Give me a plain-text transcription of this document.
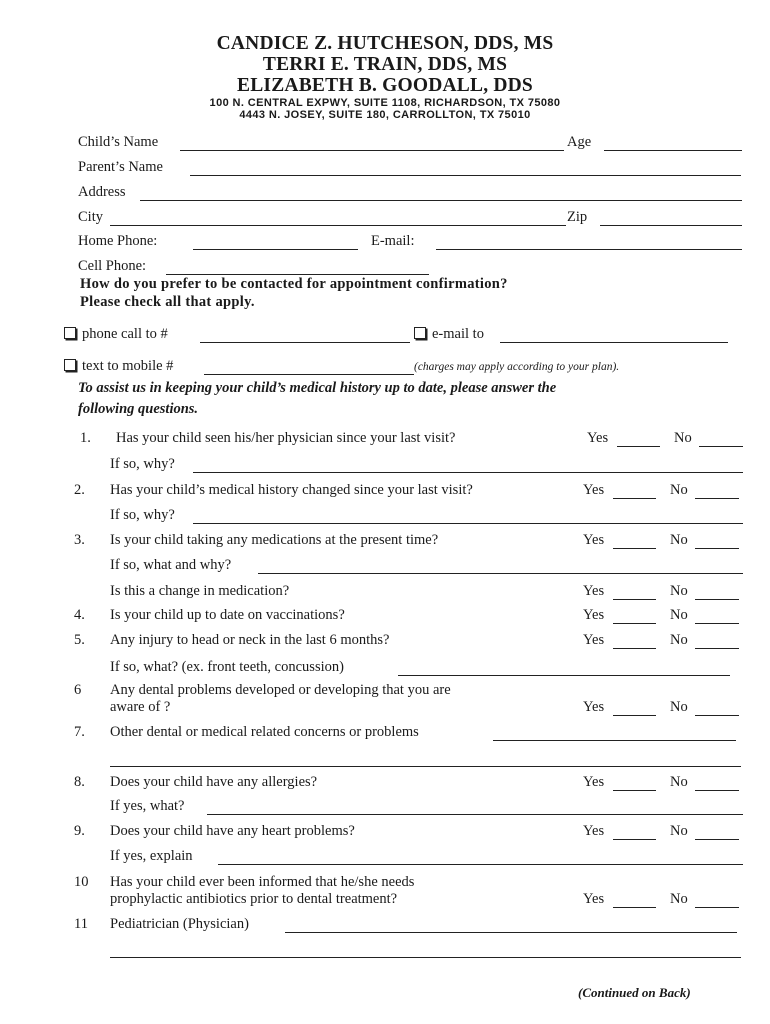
CANDICE Z. HUTCHESON, DDS, MS
TERRI E. TRAIN, DDS, MS
ELIZABETH B. GOODALL, DDS
100 N. CENTRAL EXPWY, SUITE 1108, RICHARDSON, TX 75080
4443 N. JOSEY, SUITE 180, CARROLLTON, TX 75010
Child’s Name	Age
Parent’s Name
Address
City	Zip
Home Phone:	E-mail:
Cell Phone:
How do you prefer to be contacted for appointment confirmation?
Please check all that apply.
phone call to #	e-mail to
text to mobile #	(charges may apply according to your plan).
To assist us in keeping your child’s medical history up to date, please answer the
following questions.
1. Has your child seen his/her physician since your last visit?	Yes	No
If so, why?
2. Has your child’s medical history changed since your last visit?	Yes	No
If so, why?
3. Is your child taking any medications at the present time?	Yes	No
If so, what and why?
Is this a change in medication?	Yes	No
4. Is your child up to date on vaccinations?	Yes	No
5. Any injury to head or neck in the last 6 months?	Yes	No
If so, what? (ex. front teeth, concussion)
6 Any dental problems developed or developing that you are
aware of ?	Yes	No
7. Other dental or medical related concerns or problems
8. Does your child have any allergies?	Yes	No
If yes, what?
9. Does your child have any heart problems?	Yes	No
If yes, explain
10 Has your child ever been informed that he/she needs
prophylactic antibiotics prior to dental treatment?	Yes	No
11 Pediatrician (Physician)
(Continued on Back)
